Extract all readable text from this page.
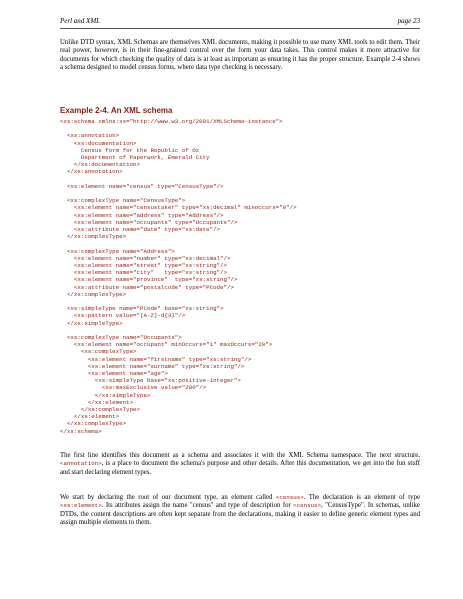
Perl and XML	page 23

Unlike DTD syntax, XML Schemas are themselves XML documents, making it possible to use many XML tools to edit them. Their real power, however, is in their fine-grained control over the form your data takes. This control makes it more attractive for documents for which checking the quality of data is at least as important as ensuring it has the proper structure. Example 2-4 shows a schema designed to model census forms, where data type checking is necessary.

Example 2-4. An XML schema

<xs:schema xmlns:xs="http://www.w3.org/2001/XMLSchema-instance">
<xs:annotation>
<xs:documentation>
Census form for the Republic of Oz
Department of Paperwork, Emerald City
</xs:documentation>
</xs:annotation>
<xs:element name="census" type="CensusType"/>
<xs:complexType name="CensusType">
<xs:element name="censustaker" type="xs:decimal" minoccurs="0"/>
<xs:element name="address" type="Address"/>
<xs:element name="occupants" type="Occupants"/>
<xs:attribute name="date" type="xs:date"/>
</xs:complexType>
<xs:complexType name="Address">
<xs:element name="number" type="xs:decimal"/>
<xs:element name="street" type="xs:string"/>
<xs:element name="city"   type="xs:string"/>
<xs:element name="province"  type="xs:string"/>
<xs:attribute name="postalcode" type="PCode"/>
</xs:complexType>
<xs:simpleType name="PCode" base="xs:string">
<xs:pattern value="[A-Z]-d{3}"/>
</xs:simpleType>
<xs:complexType name="Occupants">
<xs:element name="occupant" minOccurs="1" maxOccurs="20">
<xs:complexType>
<xs:element name="firstname" type="xs:string"/>
<xs:element name="surname" type="xs:string"/>
<xs:element name="age">
<xs:simpleType base="xs:positive-integer">
<xs:maxExclusive value="200"/>
</xs:simpleType>
</xs:element>
</xs:complexType>
</xs:element>
</xs:complexType>
</xs:schema>

The first line identifies this document as a schema and associates it with the XML Schema namespace. The next structure, <annotation>, is a place to document the schema's purpose and other details. After this documentation, we get into the fun stuff and start declaring element types.

We start by declaring the root of our document type, an element called <census>. The declaration is an element of type <xs:element>. Its attributes assign the name "census" and type of description for <census>, "CensusType". In schemas, unlike DTDs, the content descriptions are often kept separate from the declarations, making it easier to define generic element types and assign multiple elements to them.
